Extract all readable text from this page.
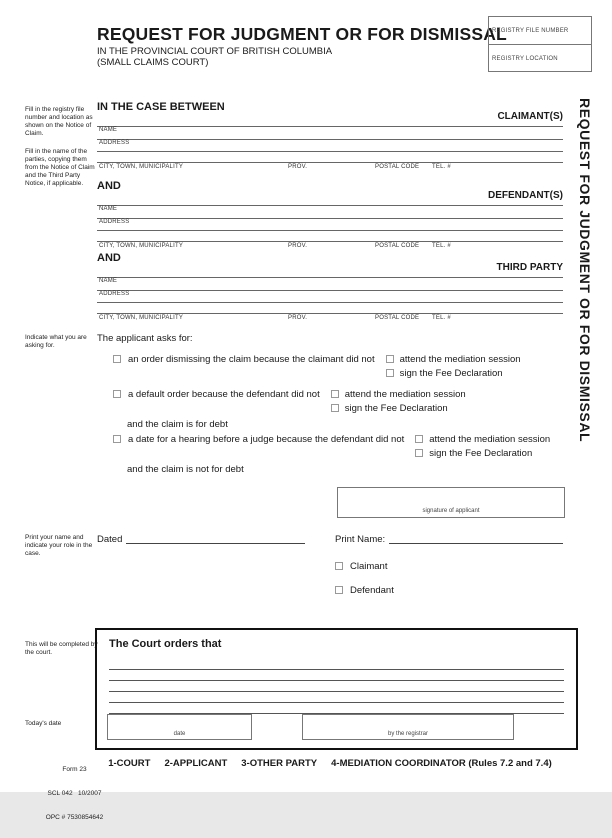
REQUEST FOR JUDGMENT OR FOR DISMISSAL
IN THE PROVINCIAL COURT OF BRITISH COLUMBIA
(SMALL CLAIMS COURT)
REGISTRY FILE NUMBER
REGISTRY LOCATION
REQUEST FOR JUDGMENT OR FOR DISMISSAL
Fill in the registry file number and location as shown on the Notice of Claim.
Fill in the name of the parties, copying them from the Notice of Claim and the Third Party Notice, if applicable.
Indicate what you are asking for.
Print your name and indicate your role in the case.
This will be completed by the court.
Today's date
IN THE CASE BETWEEN
CLAIMANT(S)
NAME
ADDRESS
CITY, TOWN, MUNICIPALITY	PROV.	POSTAL CODE TEL. #
AND
DEFENDANT(S)
NAME
ADDRESS
CITY, TOWN, MUNICIPALITY	PROV.	POSTAL CODE TEL. #
AND
THIRD PARTY
NAME
ADDRESS
CITY, TOWN, MUNICIPALITY	PROV.	POSTAL CODE TEL. #
The applicant asks for:
an order dismissing the claim because the claimant did not	attend the mediation session
sign the Fee Declaration
a default order because the defendant did not	attend the mediation session
sign the Fee Declaration
and the claim is for debt
a date for a hearing before a judge because the defendant did not	attend the mediation session
sign the Fee Declaration
and the claim is not for debt
signature of applicant
Dated	Print Name:
Claimant
Defendant
The Court orders that
date	by the registrar

Form 23

SCL 042   10/2007

OPC # 7530854642

1-COURT 2-APPLICANT 3-OTHER PARTY 4-MEDIATION COORDINATOR (Rules 7.2 and 7.4)
